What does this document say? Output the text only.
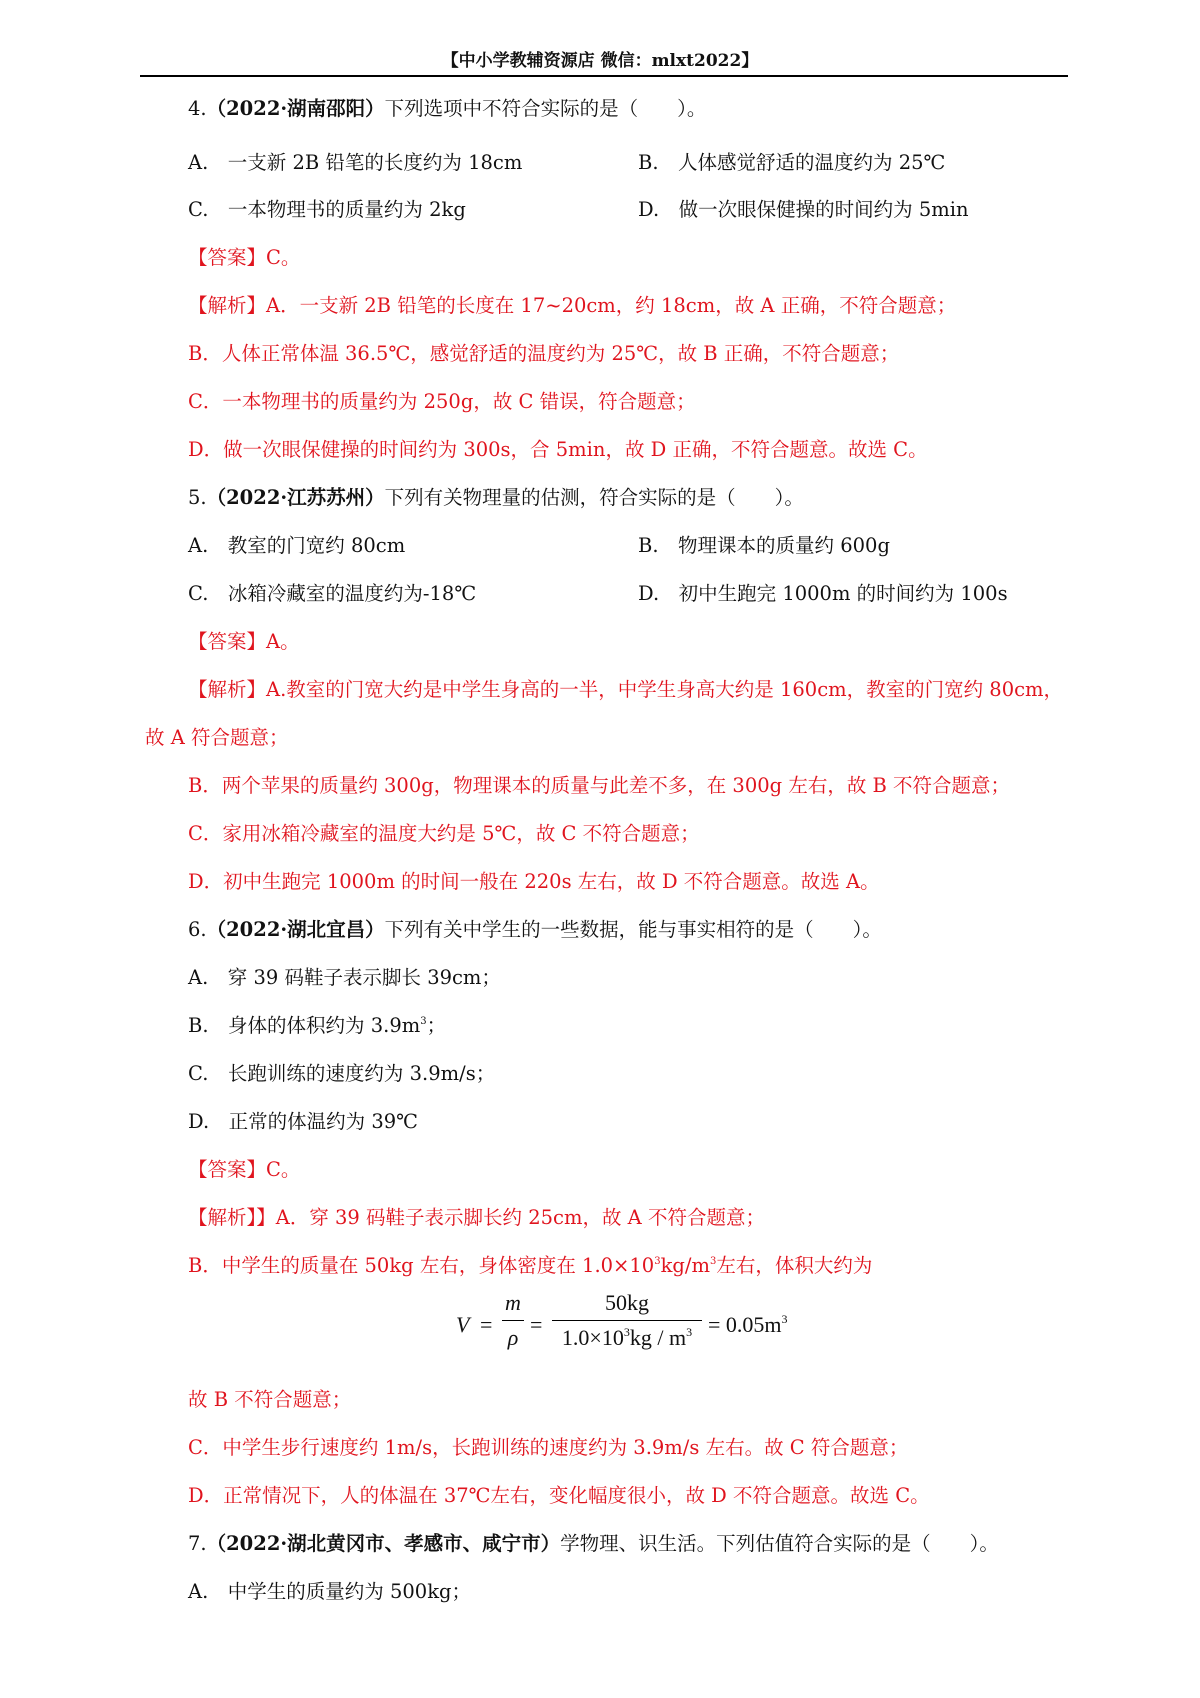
【中小学教辅资源店 微信：mlxt2022】
4.（2022·湖南邵阳）下列选项中不符合实际的是（　　）。
A.　一支新 2B 铅笔的长度约为 18cm	B.　人体感觉舒适的温度约为 25℃
C.　一本物理书的质量约为 2kg	D.　做一次眼保健操的时间约为 5min
【答案】C。
【解析】A．一支新 2B 铅笔的长度在 17~20cm，约 18cm，故 A 正确，不符合题意；
B．人体正常体温 36.5℃，感觉舒适的温度约为 25℃，故 B 正确，不符合题意；
C．一本物理书的质量约为 250g，故 C 错误，符合题意；
D．做一次眼保健操的时间约为 300s，合 5min，故 D 正确，不符合题意。故选 C。
5.（2022·江苏苏州）下列有关物理量的估测，符合实际的是（　　）。
A.　教室的门宽约 80cm	B.　物理课本的质量约 600g
C.　冰箱冷藏室的温度约为-18℃	D.　初中生跑完 1000m 的时间约为 100s
【答案】A。
【解析】A.教室的门宽大约是中学生身高的一半，中学生身高大约是 160cm，教室的门宽约 80cm，
故 A 符合题意；
B．两个苹果的质量约 300g，物理课本的质量与此差不多，在 300g 左右，故 B 不符合题意；
C．家用冰箱冷藏室的温度大约是 5℃，故 C 不符合题意；
D．初中生跑完 1000m 的时间一般在 220s 左右，故 D 不符合题意。故选 A。
6.（2022·湖北宜昌）下列有关中学生的一些数据，能与事实相符的是（　　）。
A.　穿 39 码鞋子表示脚长 39cm；
B.　身体的体积约为 $3.9m^3$；
C.　长跑训练的速度约为 3.9m/s；
D.　正常的体温约为 39℃
【答案】C。
【解析】】A．穿 39 码鞋子表示脚长约 25cm，故 A 不符合题意；
B．中学生的质量在 50kg 左右，身体密度在 $1.0\times 10^3kg/m^3$左右，体积大约为
V =
m
ρ
=
50kg
$1.0\times 10^3kg / m^3 = 0.05m^3$
故 B 不符合题意；
C．中学生步行速度约 1m/s，长跑训练的速度约为 3.9m/s 左右。故 C 符合题意；
D．正常情况下，人的体温在 37℃左右，变化幅度很小，故 D 不符合题意。故选 C。
7.（2022·湖北黄冈市、孝感市、咸宁市）学物理、识生活。下列估值符合实际的是（　　）。
A.　中学生的质量约为 500kg；
